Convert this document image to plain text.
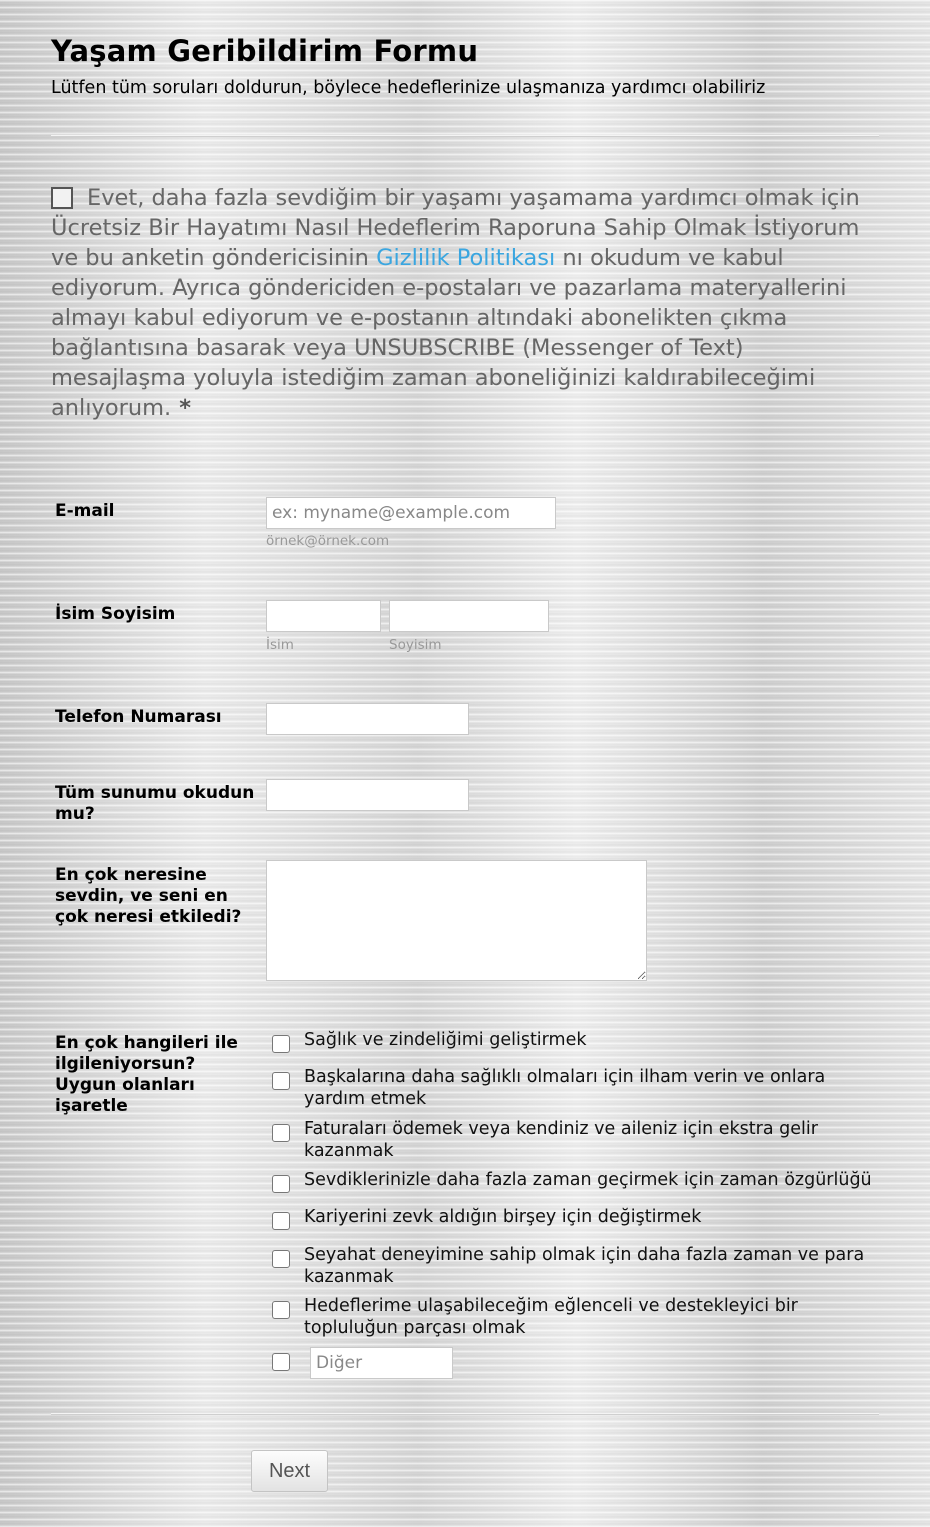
Yaşam Geribildirim Formu
Lütfen tüm soruları doldurun, böylece hedeflerinize ulaşmanıza yardımcı olabiliriz
Evet, daha fazla sevdiğim bir yaşamı yaşamama yardımcı olmak için Ücretsiz Bir Hayatımı Nasıl Hedeflerim Raporuna Sahip Olmak İstiyorum ve bu anketin göndericisinin Gizlilik Politikası nı okudum ve kabul ediyorum. Ayrıca göndericiden e-postaları ve pazarlama materyallerini almayı kabul ediyorum ve e-postanın altındaki abonelikten çıkma bağlantısına basarak veya UNSUBSCRIBE (Messenger of Text) mesajlaşma yoluyla istediğim zaman aboneliğinizi kaldırabileceğimi anlıyorum. *
E-mail
ex: myname@example.com
örnek@örnek.com
İsim Soyisim
İsim	Soyisim
Telefon Numarası
Tüm sunumu okudun mu?
En çok neresine sevdin, ve seni en çok neresi etkiledi?
En çok hangileri ile ilgileniyorsun? Uygun olanları işaretle
Sağlık ve zindeliğimi geliştirmek
Başkalarına daha sağlıklı olmaları için ilham verin ve onlara yardım etmek
Faturaları ödemek veya kendiniz ve aileniz için ekstra gelir kazanmak
Sevdiklerinizle daha fazla zaman geçirmek için zaman özgürlüğü
Kariyerini zevk aldığın birşey için değiştirmek
Seyahat deneyimine sahip olmak için daha fazla zaman ve para kazanmak
Hedeflerime ulaşabileceğim eğlenceli ve destekleyici bir topluluğun parçası olmak
Diğer
Next
